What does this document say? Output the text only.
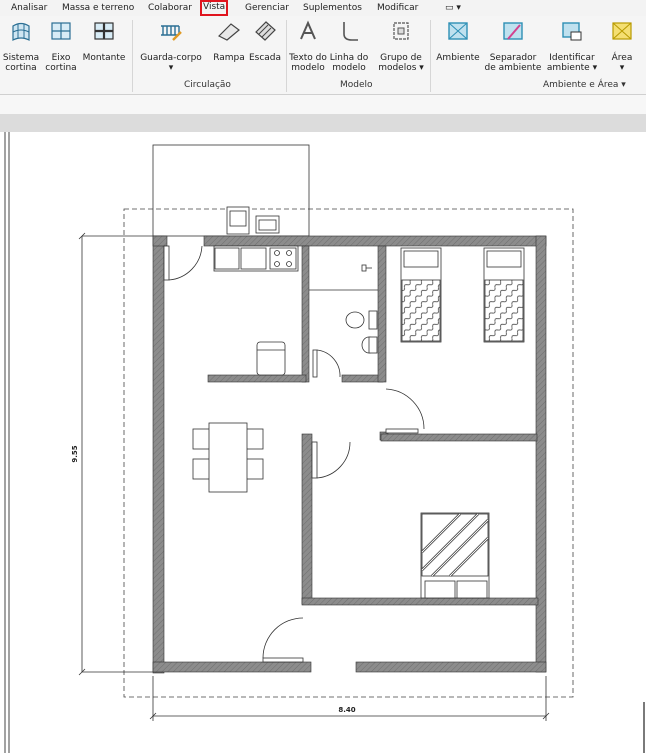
Analisar Massa e terreno Colaborar	Vista	Gerenciar Suplementos Modificar	▭ ▾
Sistema
cortina
Eixo
cortina
Montante	Guarda-corpo
▾
Rampa Escada
Circulação
Texto do
modelo
Linha do
modelo
Grupo de
modelos ▾
Modelo
Ambiente	Separador
de ambiente
Identificar
ambiente ▾
Área
▾
Ambiente e Área ▾
9.55
8.40
